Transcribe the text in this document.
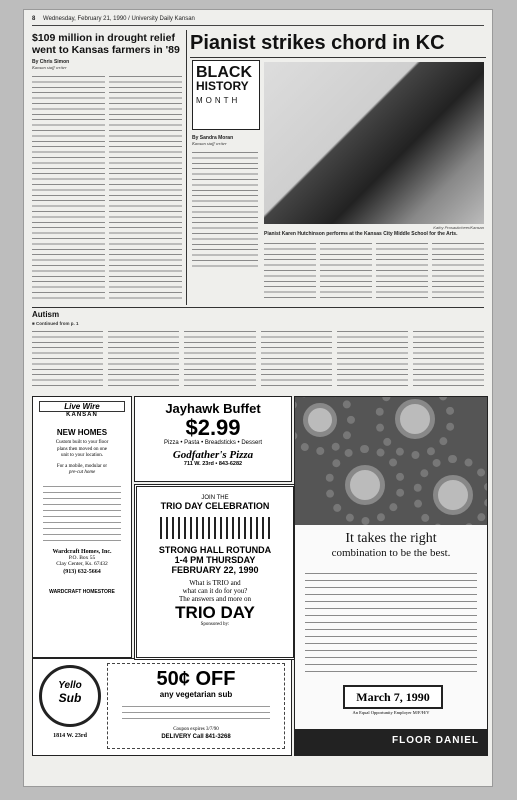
8 Wednesday, February 21, 1990 / University Daily Kansan
$109 million in drought relief went to Kansas farmers in '89
By Chris Simon
Kansan staff writer
Pianist strikes chord in KC
BLACK
HISTORY
MONTH
By Sandra Moran
Kansan staff writer
Kathy Prosaukcheer/Kansan
Pianist Karen Hutchinson performs at the Kansas City Middle School for the Arts.
Autism
■ Continued from p. 1
Live Wire
KANSAN
NEW HOMES
Custom built to your floor
plans then moved on one
unit to your location.
For a mobile, modular or
pre-cut home
Wardcraft Homes, Inc.
P.O. Box 55
Clay Center, Ks. 67432
(913) 632-5664
WARDCRAFT HOMESTORE
Yello
Sub
1814 W. 23rd
50¢ OFF
any vegetarian sub
Coupon expires 3/7/90
DELIVERY Call 841-3268
Jayhawk Buffet
$2.99
Pizza • Pasta • Breadsticks • Dessert
Godfather's Pizza
711 W. 23rd • 843-6282
JOIN THE
TRIO DAY CELEBRATION
STRONG HALL ROTUNDA
1-4 PM THURSDAY
FEBRUARY 22, 1990
What is TRIO and
what can it do for you?
The answers and more on
TRIO DAY
Sponsored by:
It takes the right
combination to be the best.
March 7, 1990
An Equal Opportunity Employer M/F/H/V
FLOOR DANIEL
